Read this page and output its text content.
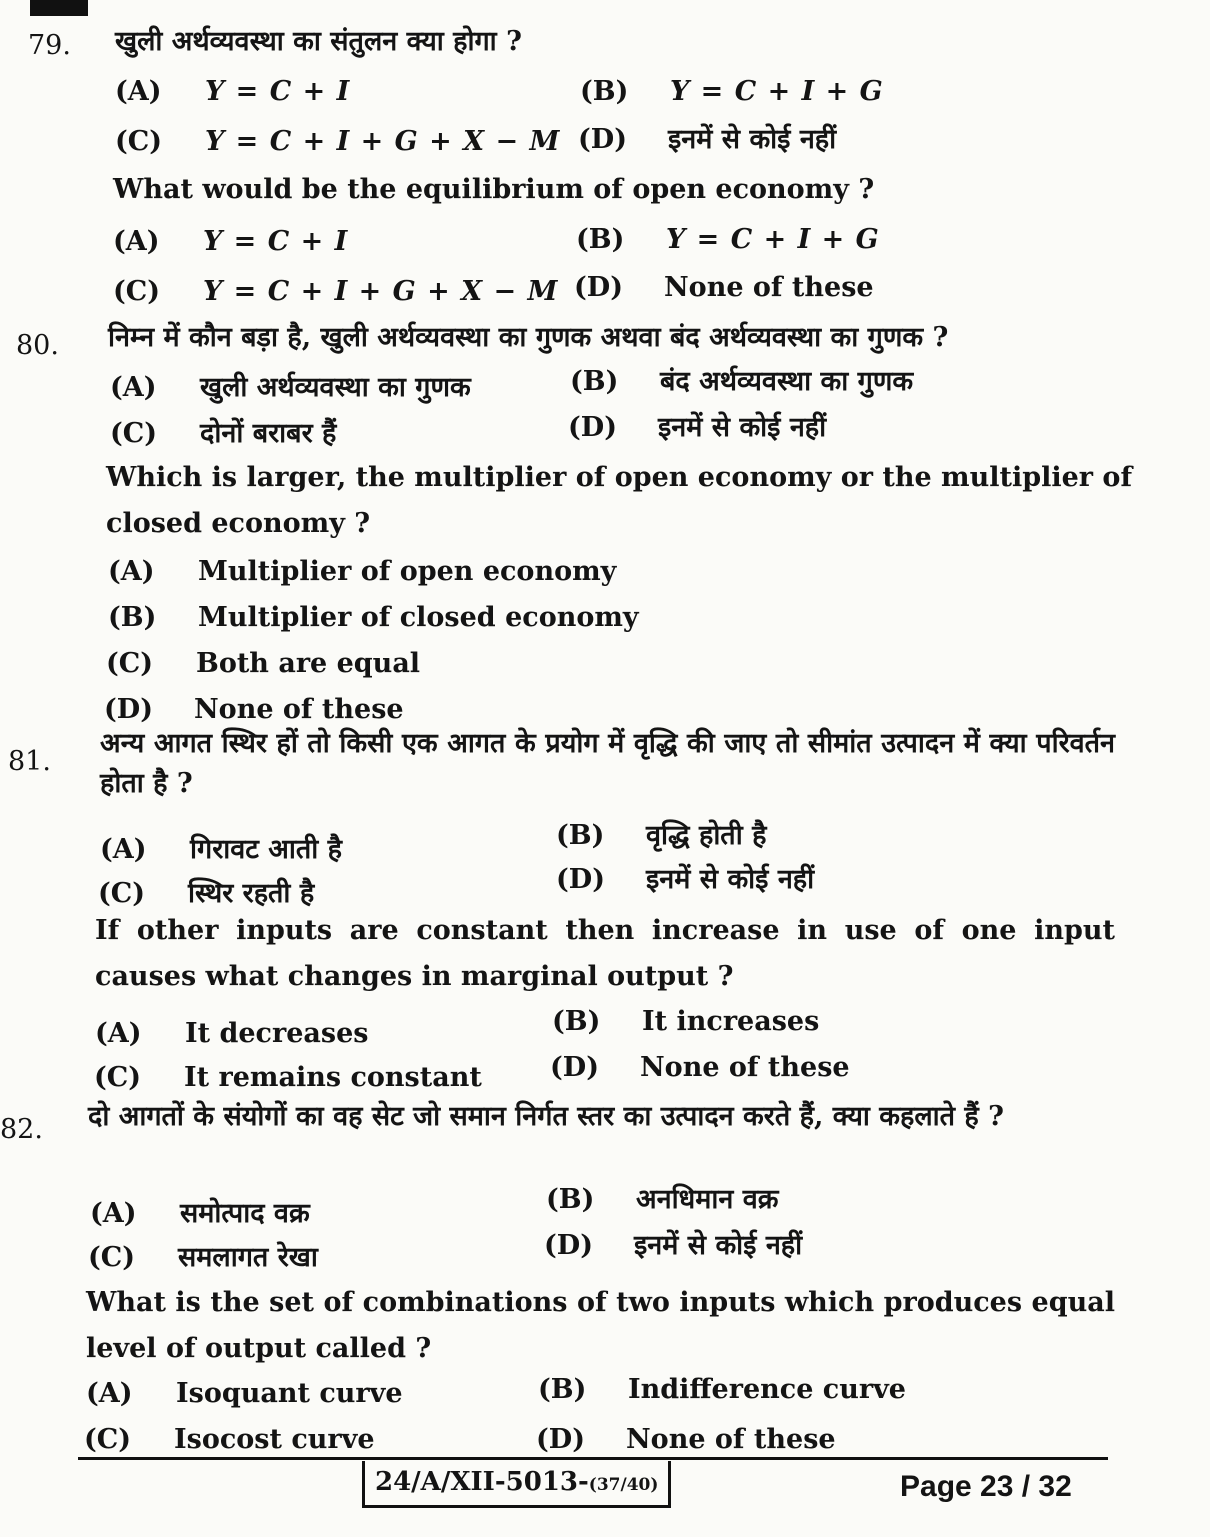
79. खुली अर्थव्यवस्था का संतुलन क्या होगा ?
(A) Y = C + I	(B) Y = C + I + G
(C) Y = C + I + G + X − M (D) इनमें से कोई नहीं
What would be the equilibrium of open economy ?
(A) Y = C + I	(B) Y = C + I + G
(C) Y = C + I + G + X − M (D) None of these
80. निम्न में कौन बड़ा है, खुली अर्थव्यवस्था का गुणक अथवा बंद अर्थव्यवस्था का गुणक ?
(A) खुली अर्थव्यवस्था का गुणक	(B) बंद अर्थव्यवस्था का गुणक
(C) दोनों बराबर हैं	(D) इनमें से कोई नहीं
Which is larger, the multiplier of open economy or the multiplier of
closed economy ?
(A) Multiplier of open economy
(B) Multiplier of closed economy
(C) Both are equal
(D) None of these
81.
अन्य आगत स्थिर हों तो किसी एक आगत के प्रयोग में वृद्धि की जाए तो सीमांत उत्पादन में क्या परिवर्तन होता है ?
(A) गिरावट आती है	(B) वृद्धि होती है
(C) स्थिर रहती है	(D) इनमें से कोई नहीं
If other inputs are constant then increase in use of one input causes what changes in marginal output ?
(A) It decreases	(B) It increases
(C) It remains constant	(D) None of these
82. दो आगतों के संयोगों का वह सेट जो समान निर्गत स्तर का उत्पादन करते हैं, क्या कहलाते हैं ?
(A) समोत्पाद वक्र	(B) अनधिमान वक्र
(C) समलागत रेखा	(D) इनमें से कोई नहीं
What is the set of combinations of two inputs which produces equal level of output called ?
(A) Isoquant curve	(B) Indifference curve
(C) Isocost curve	(D) None of these
24/A/XII-5013-(37/40)	Page 23 / 32
